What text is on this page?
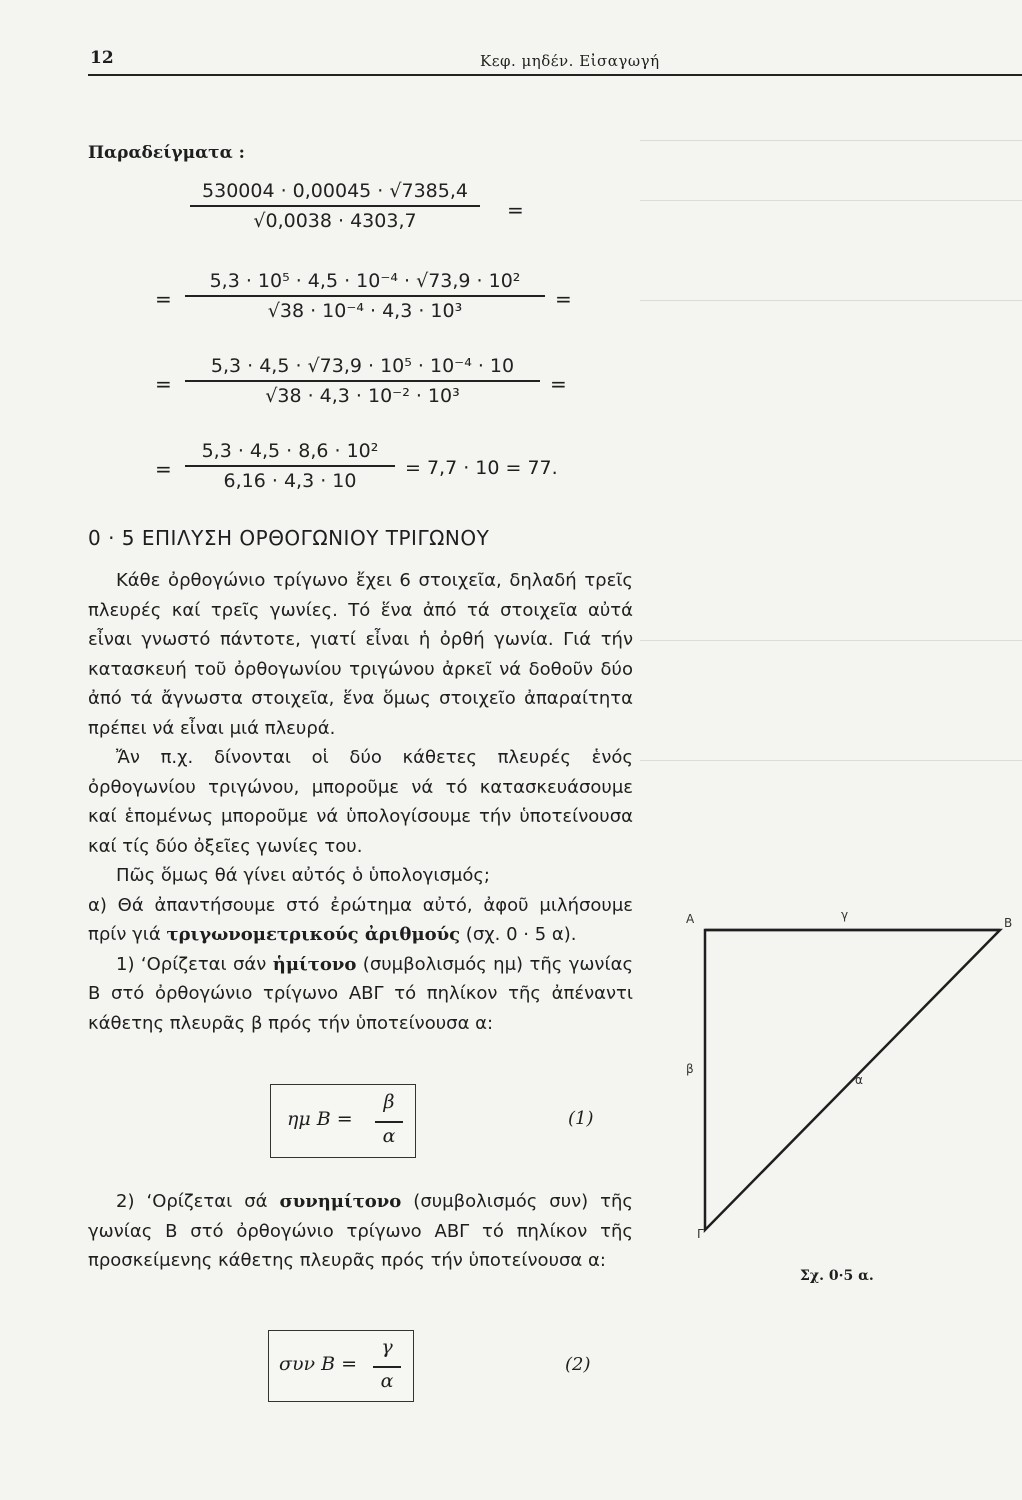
12	Κεφ. μηδέν. Εἰσαγωγή
Παραδείγματα :
530004 · 0,00045 · √7385,4
√0,0038 · 4303,7	=
=
5,3 · 10⁵ · 4,5 · 10⁻⁴ · √73,9 · 10²
√38 · 10⁻⁴ · 4,3 · 10³	=
=
5,3 · 4,5 · √73,9 · 10⁵ · 10⁻⁴ · 10
√38 · 4,3 · 10⁻² · 10³	=
=
5,3 · 4,5 · 8,6 · 10²
6,16 · 4,3 · 10
= 7,7 · 10 = 77.
0 · 5 ΕΠΙΛΥΣΗ ΟΡΘΟΓΩΝΙΟΥ ΤΡΙΓΩΝΟΥ

Κάθε ὀρθογώνιο τρίγωνο ἔχει 6 στοιχεῖα, δηλαδή τρεῖς πλευρές καί τρεῖς γωνίες. Τό ἕνα ἀπό τά στοιχεῖα αὐτά εἶναι γνωστό πάντοτε, γιατί εἶναι ἡ ὀρθή γωνία. Γιά τήν κατασκευή τοῦ ὀρθογωνίου τριγώνου ἀρκεῖ νά δοθοῦν δύο ἀπό τά ἄγνωστα στοιχεῖα, ἕνα ὅμως στοιχεῖο ἀπαραίτητα πρέπει νά εἶναι μιά πλευρά.

Ἄν π.χ. δίνονται οἱ δύο κάθετες πλευρές ἑνός ὀρθογωνίου τριγώνου, μποροῦμε νά τό κατασκευάσουμε καί ἑπομένως μποροῦμε νά ὑπολογίσουμε τήν ὑποτείνουσα καί τίς δύο ὀξεῖες γωνίες του.

Πῶς ὅμως θά γίνει αὐτός ὁ ὑπολογισμός;

α) Θά ἀπαντήσουμε στό ἐρώτημα αὐτό, ἀφοῦ μιλήσουμε πρίν γιά τριγωνομετρικούς ἀριθμούς (σχ. 0 · 5 α).

1) ‘Ορίζεται σάν ἡμίτονο (συμβολισμός ημ) τῆς γωνίας Β στό ὀρθογώνιο τρίγωνο ΑΒΓ τό πηλίκον τῆς ἀπέναντι κάθετης πλευρᾶς β πρός τήν ὑποτείνουσα α:

ημ B =
β
α
(1)

2) ‘Ορίζεται σά συνημίτονο (συμβολισμός συν) τῆς γωνίας Β στό ὀρθογώνιο τρίγωνο ΑΒΓ τό πηλίκον τῆς προσκείμενης κάθετης πλευρᾶς πρός τήν ὑποτείνουσα α:

συν B =
γ
α
(2)
Α	Β
Γ
γ
β
α
Σχ. 0·5 α.
